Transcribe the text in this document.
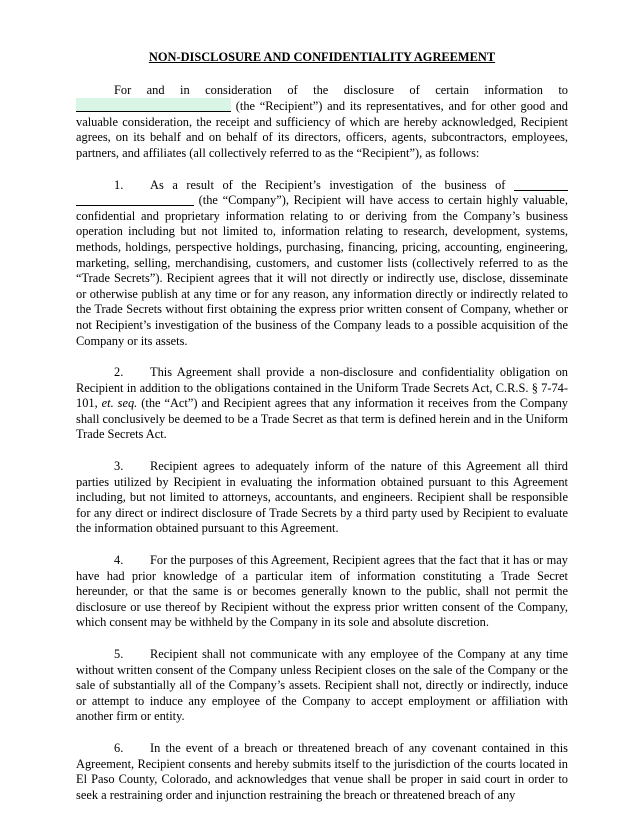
NON-DISCLOSURE AND CONFIDENTIALITY AGREEMENT

For and in consideration of the disclosure of certain information to  (the “Recipient”) and its representatives, and for other good and valuable consideration, the receipt and sufficiency of which are hereby acknowledged, Recipient agrees, on its behalf and on behalf of its directors, officers, agents, subcontractors, employees, partners, and affiliates (all collectively referred to as the “Recipient”), as follows:

1. As a result of the Recipient’s investigation of the business of   (the “Company”), Recipient will have access to certain highly valuable, confidential and proprietary information relating to or deriving from the Company’s business operation including but not limited to, information relating to research, development, systems, methods, holdings, perspective holdings, purchasing, financing, pricing, accounting, engineering, marketing, selling, merchandising, customers, and customer lists (collectively referred to as the “Trade Secrets”). Recipient agrees that it will not directly or indirectly use, disclose, disseminate or otherwise publish at any time or for any reason, any information directly or indirectly related to the Trade Secrets without first obtaining the express prior written consent of Company, whether or not Recipient’s investigation of the business of the Company leads to a possible acquisition of the Company or its assets.

2. This Agreement shall provide a non-disclosure and confidentiality obligation on Recipient in addition to the obligations contained in the Uniform Trade Secrets Act, C.R.S. § 7-74-101, et. seq. (the “Act”) and Recipient agrees that any information it receives from the Company shall conclusively be deemed to be a Trade Secret as that term is defined herein and in the Uniform Trade Secrets Act.

3. Recipient agrees to adequately inform of the nature of this Agreement all third parties utilized by Recipient in evaluating the information obtained pursuant to this Agreement including, but not limited to attorneys, accountants, and engineers. Recipient shall be responsible for any direct or indirect disclosure of Trade Secrets by a third party used by Recipient to evaluate the information obtained pursuant to this Agreement.

4. For the purposes of this Agreement, Recipient agrees that the fact that it has or may have had prior knowledge of a particular item of information constituting a Trade Secret hereunder, or that the same is or becomes generally known to the public, shall not permit the disclosure or use thereof by Recipient without the express prior written consent of the Company, which consent may be withheld by the Company in its sole and absolute discretion.

5. Recipient shall not communicate with any employee of the Company at any time without written consent of the Company unless Recipient closes on the sale of the Company or the sale of substantially all of the Company’s assets. Recipient shall not, directly or indirectly, induce or attempt to induce any employee of the Company to accept employment or affiliation with another firm or entity.

6. In the event of a breach or threatened breach of any covenant contained in this Agreement, Recipient consents and hereby submits itself to the jurisdiction of the courts located in El Paso County, Colorado, and acknowledges that venue shall be proper in said court in order to seek a restraining order and injunction restraining the breach or threatened breach of any
